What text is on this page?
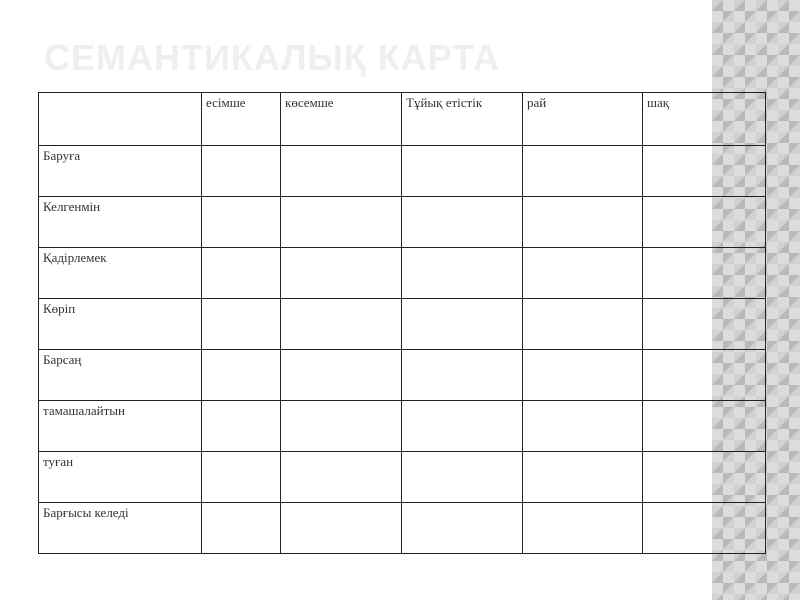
СЕМАНТИКАЛЫҚ КАРТА
	есімше	көсемше	Тұйық етістік	рай	шақ
Баруға					
Келгенмін					
Қадірлемек					
Көріп					
Барсаң					
тамашалайтын					
туған					
Барғысы келеді					
